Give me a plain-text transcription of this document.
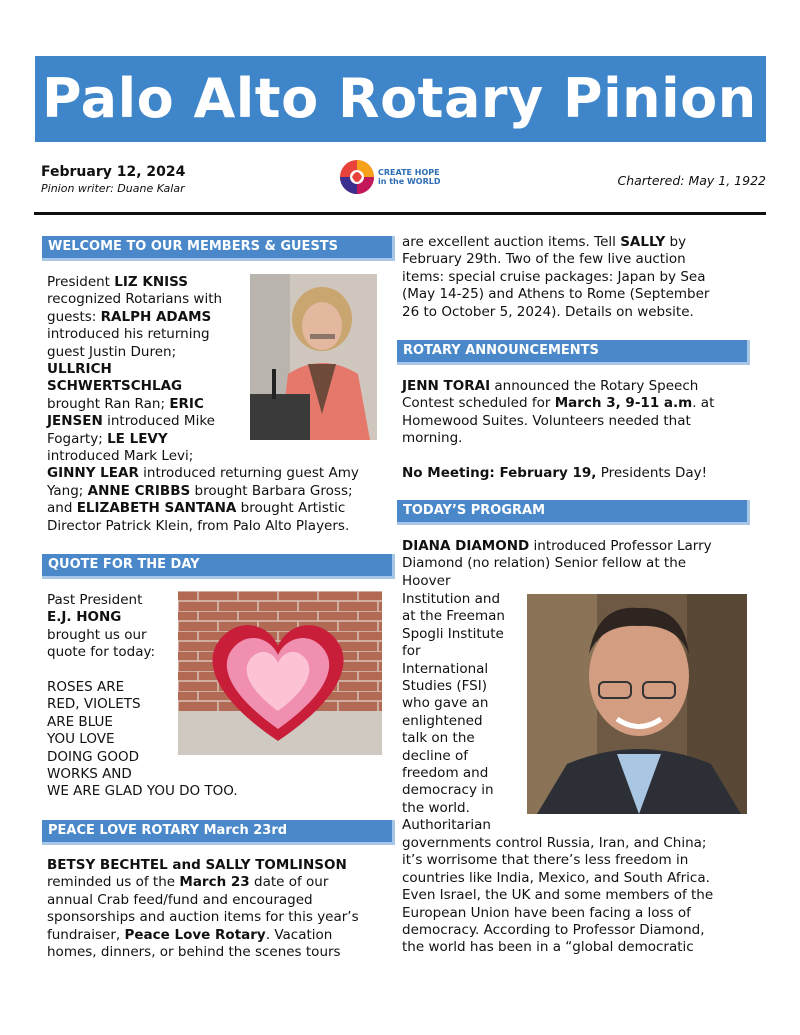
Palo Alto Rotary Pinion
February 12, 2024
Pinion writer: Duane Kalar
CREATE HOPE
in the WORLD	Chartered: May 1, 1922
WELCOME TO OUR MEMBERS & GUESTS
President LIZ KNISS
recognized Rotarians with
guests: RALPH ADAMS
introduced his returning
guest Justin Duren;
ULLRICH
SCHWERTSCHLAG
brought Ran Ran; ERIC
JENSEN introduced Mike
Fogarty; LE LEVY
introduced Mark Levi;
GINNY LEAR introduced returning guest Amy
Yang; ANNE CRIBBS brought Barbara Gross;
and ELIZABETH SANTANA brought Artistic
Director Patrick Klein, from Palo Alto Players.
QUOTE FOR THE DAY
Past President
E.J. HONG
brought us our
quote for today:
ROSES ARE
RED, VIOLETS
ARE BLUE
YOU LOVE
DOING GOOD
WORKS AND
WE ARE GLAD YOU DO TOO.
PEACE LOVE ROTARY March 23rd
BETSY BECHTEL and SALLY TOMLINSON
reminded us of the March 23 date of our
annual Crab feed/fund and encouraged
sponsorships and auction items for this year’s
fundraiser, Peace Love Rotary. Vacation
homes, dinners, or behind the scenes tours
are excellent auction items. Tell SALLY by
February 29th. Two of the few live auction
items: special cruise packages: Japan by Sea
(May 14-25) and Athens to Rome (September
26 to October 5, 2024). Details on website.
ROTARY ANNOUNCEMENTS
JENN TORAI announced the Rotary Speech
Contest scheduled for March 3, 9-11 a.m. at
Homewood Suites. Volunteers needed that
morning.

No Meeting: February 19, Presidents Day!
TODAY’S PROGRAM
DIANA DIAMOND introduced Professor Larry
Diamond (no relation) Senior fellow at the
Hoover
Institution and
at the Freeman
Spogli Institute
for
International
Studies (FSI)
who gave an
enlightened
talk on the
decline of
freedom and
democracy in
the world.
Authoritarian
governments control Russia, Iran, and China;
it’s worrisome that there’s less freedom in
countries like India, Mexico, and South Africa.
Even Israel, the UK and some members of the
European Union have been facing a loss of
democracy. According to Professor Diamond,
the world has been in a “global democratic
